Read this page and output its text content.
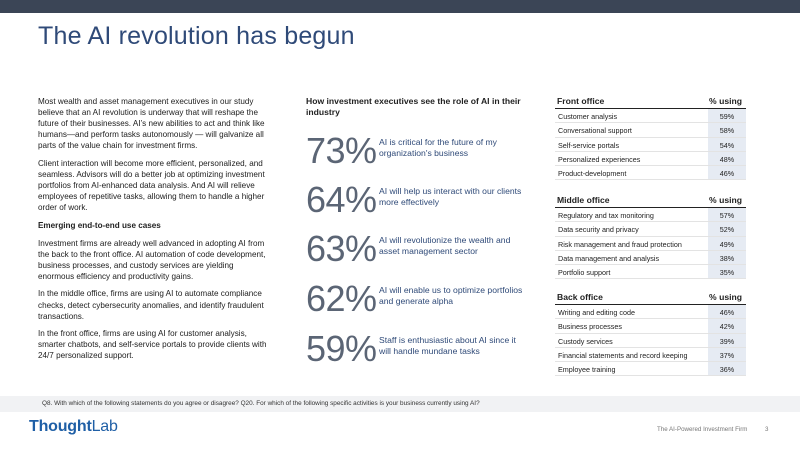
The AI revolution has begun

Most wealth and asset management executives in our study believe that an AI revolution is underway that will reshape the future of their businesses. AI’s new abilities to act and think like humans—and perform tasks autonomously — will galvanize all parts of the value chain for investment firms.

Client interaction will become more efficient, personalized, and seamless. Advisors will do a better job at optimizing investment portfolios from AI-enhanced data analysis. And AI will relieve employees of repetitive tasks, allowing them to handle a higher order of work.

Emerging end-to-end use cases

Investment firms are already well advanced in adopting AI from the back to the front office. AI automation of code development, business processes, and custody services are yielding enormous efficiency and productivity gains.

In the middle office, firms are using AI to automate compliance checks, detect cybersecurity anomalies, and identify fraudulent transactions.

In the front office, firms are using AI for customer analysis, smarter chatbots, and self-service portals to provide clients with 24/7 personalized support.

How investment executives see the role of AI in their industry
73% AI is critical for the future of my organization's business
64% AI will help us interact with our clients more effectively
63% AI will revolutionize the wealth and asset management sector
62% AI will enable us to optimize portfolios and generate alpha
59% Staff is enthusiastic about AI since it will handle mundane tasks
Front office	% using
Customer analysis	59%
Conversational support	58%
Self-service portals	54%
Personalized experiences	48%
Product-development	46%
Middle office	% using
Regulatory and tax monitoring	57%
Data security and privacy	52%
Risk management and fraud protection	49%
Data management and analysis	38%
Portfolio support	35%
Back office	% using
Writing and editing code	46%
Business processes	42%
Custody services	39%
Financial statements and record keeping	37%
Employee training	36%
Q8. With which of the following statements do you agree or disagree? Q20. For which of the following specific activities is your business currently using AI?
ThoughtLab	The AI-Powered Investment Firm	3
